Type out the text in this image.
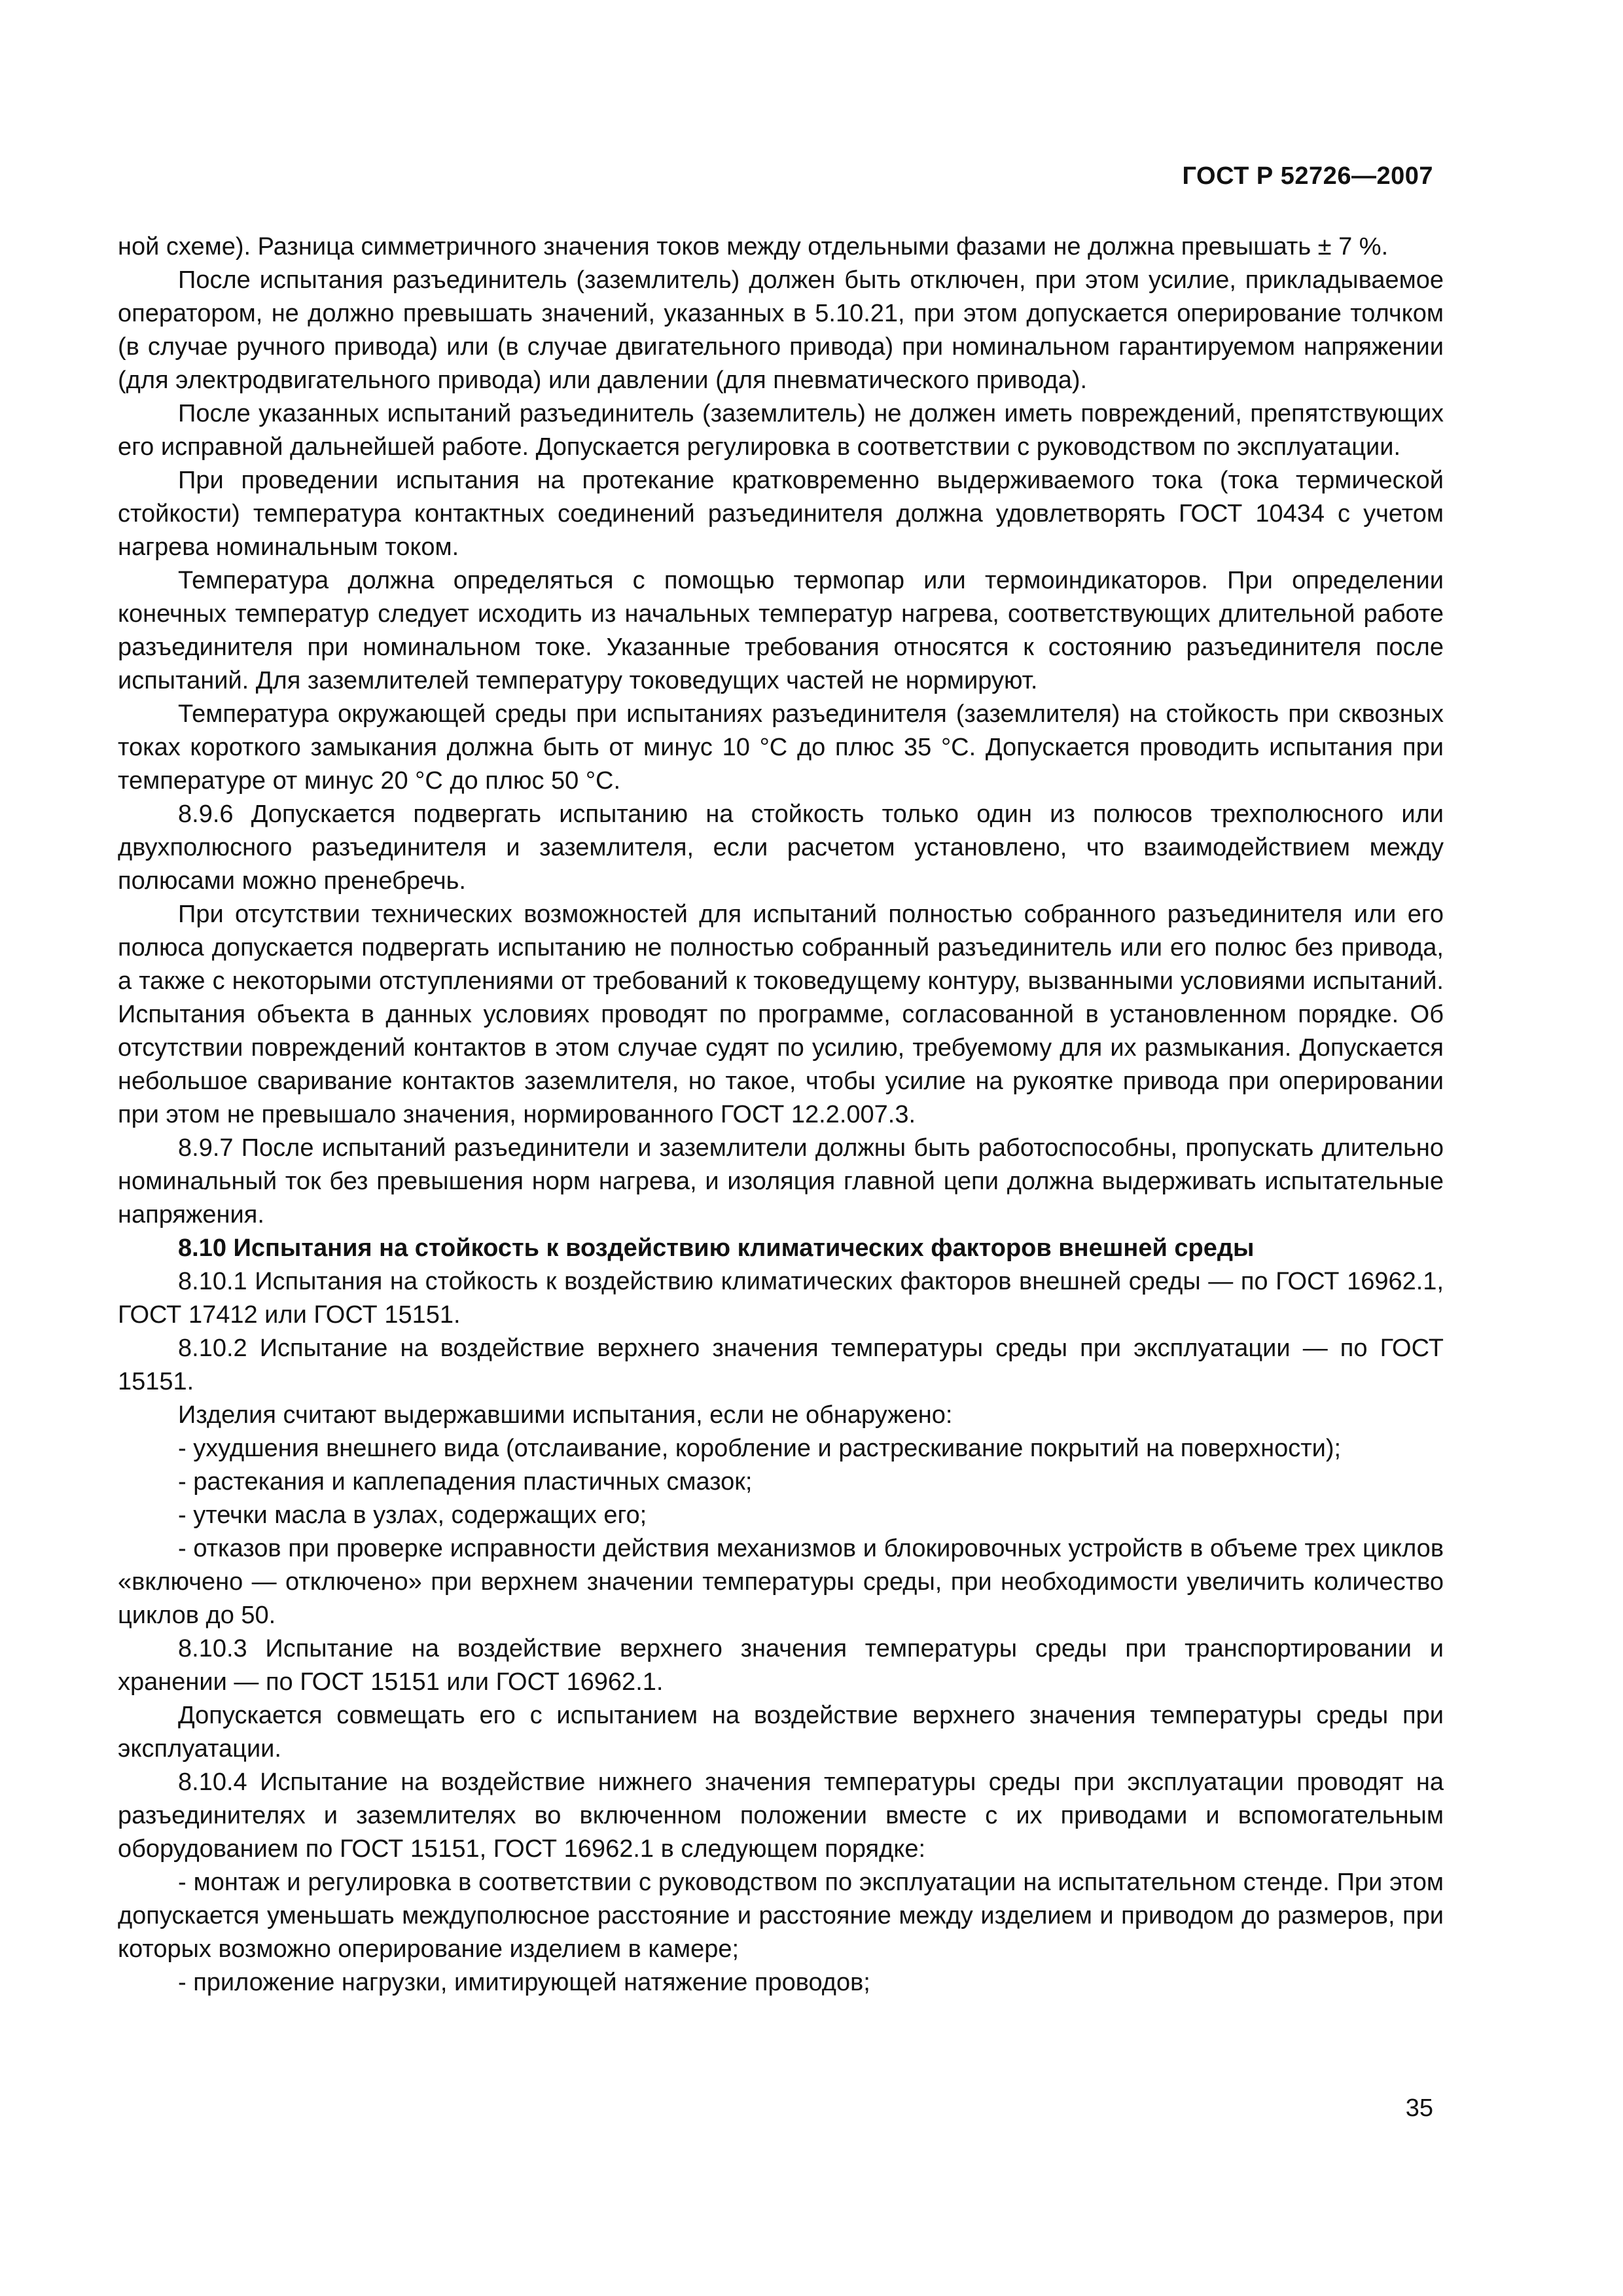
ГОСТ Р 52726—2007

ной схеме). Разница симметричного значения токов между отдельными фазами не должна превышать ± 7 %.

После испытания разъединитель (заземлитель) должен быть отключен, при этом усилие, прикладываемое оператором, не должно превышать значений, указанных в 5.10.21, при этом допускается оперирование толчком (в случае ручного привода) или (в случае двигательного привода) при номинальном гарантируемом напряжении (для электродвигательного привода) или давлении (для пневматического привода).

После указанных испытаний разъединитель (заземлитель) не должен иметь повреждений, препятствующих его исправной дальнейшей работе. Допускается регулировка в соответствии с руководством по эксплуатации.

При проведении испытания на протекание кратковременно выдерживаемого тока (тока термической стойкости) температура контактных соединений разъединителя должна удовлетворять ГОСТ 10434 с учетом нагрева номинальным током.

Температура должна определяться с помощью термопар или термоиндикаторов. При определении конечных температур следует исходить из начальных температур нагрева, соответствующих длительной работе разъединителя при номинальном токе. Указанные требования относятся к состоянию разъединителя после испытаний. Для заземлителей температуру токоведущих частей не нормируют.

Температура окружающей среды при испытаниях разъединителя (заземлителя) на стойкость при сквозных токах короткого замыкания должна быть от минус 10 °С до плюс 35 °С. Допускается проводить испытания при температуре от минус 20 °С до плюс 50 °С.

8.9.6 Допускается подвергать испытанию на стойкость только один из полюсов трехполюсного или двухполюсного разъединителя и заземлителя, если расчетом установлено, что взаимодействием между полюсами можно пренебречь.

При отсутствии технических возможностей для испытаний полностью собранного разъединителя или его полюса допускается подвергать испытанию не полностью собранный разъединитель или его полюс без привода, а также с некоторыми отступлениями от требований к токоведущему контуру, вызванными условиями испытаний. Испытания объекта в данных условиях проводят по программе, согласованной в установленном порядке. Об отсутствии повреждений контактов в этом случае судят по усилию, требуемому для их размыкания. Допускается небольшое сваривание контактов заземлителя, но такое, чтобы усилие на рукоятке привода при оперировании при этом не превышало значения, нормированного ГОСТ 12.2.007.3.

8.9.7 После испытаний разъединители и заземлители должны быть работоспособны, пропускать длительно номинальный ток без превышения норм нагрева, и изоляция главной цепи должна выдерживать испытательные напряжения.

8.10 Испытания на стойкость к воздействию климатических факторов внешней среды

8.10.1 Испытания на стойкость к воздействию климатических факторов внешней среды — по ГОСТ 16962.1, ГОСТ 17412 или ГОСТ 15151.

8.10.2 Испытание на воздействие верхнего значения температуры среды при эксплуатации — по ГОСТ 15151.

Изделия считают выдержавшими испытания, если не обнаружено:

- ухудшения внешнего вида (отслаивание, коробление и растрескивание покрытий на поверхности);

- растекания и каплепадения пластичных смазок;

- утечки масла в узлах, содержащих его;

- отказов при проверке исправности действия механизмов и блокировочных устройств в объеме трех циклов «включено — отключено» при верхнем значении температуры среды, при необходимости увеличить количество циклов до 50.

8.10.3 Испытание на воздействие верхнего значения температуры среды при транспортировании и хранении — по ГОСТ 15151 или ГОСТ 16962.1.

Допускается совмещать его с испытанием на воздействие верхнего значения температуры среды при эксплуатации.

8.10.4 Испытание на воздействие нижнего значения температуры среды при эксплуатации проводят на разъединителях и заземлителях во включенном положении вместе с их приводами и вспомогательным оборудованием по ГОСТ 15151, ГОСТ 16962.1 в следующем порядке:

- монтаж и регулировка в соответствии с руководством по эксплуатации на испытательном стенде. При этом допускается уменьшать междуполюсное расстояние и расстояние между изделием и приводом до размеров, при которых возможно оперирование изделием в камере;

- приложение нагрузки, имитирующей натяжение проводов;

35
